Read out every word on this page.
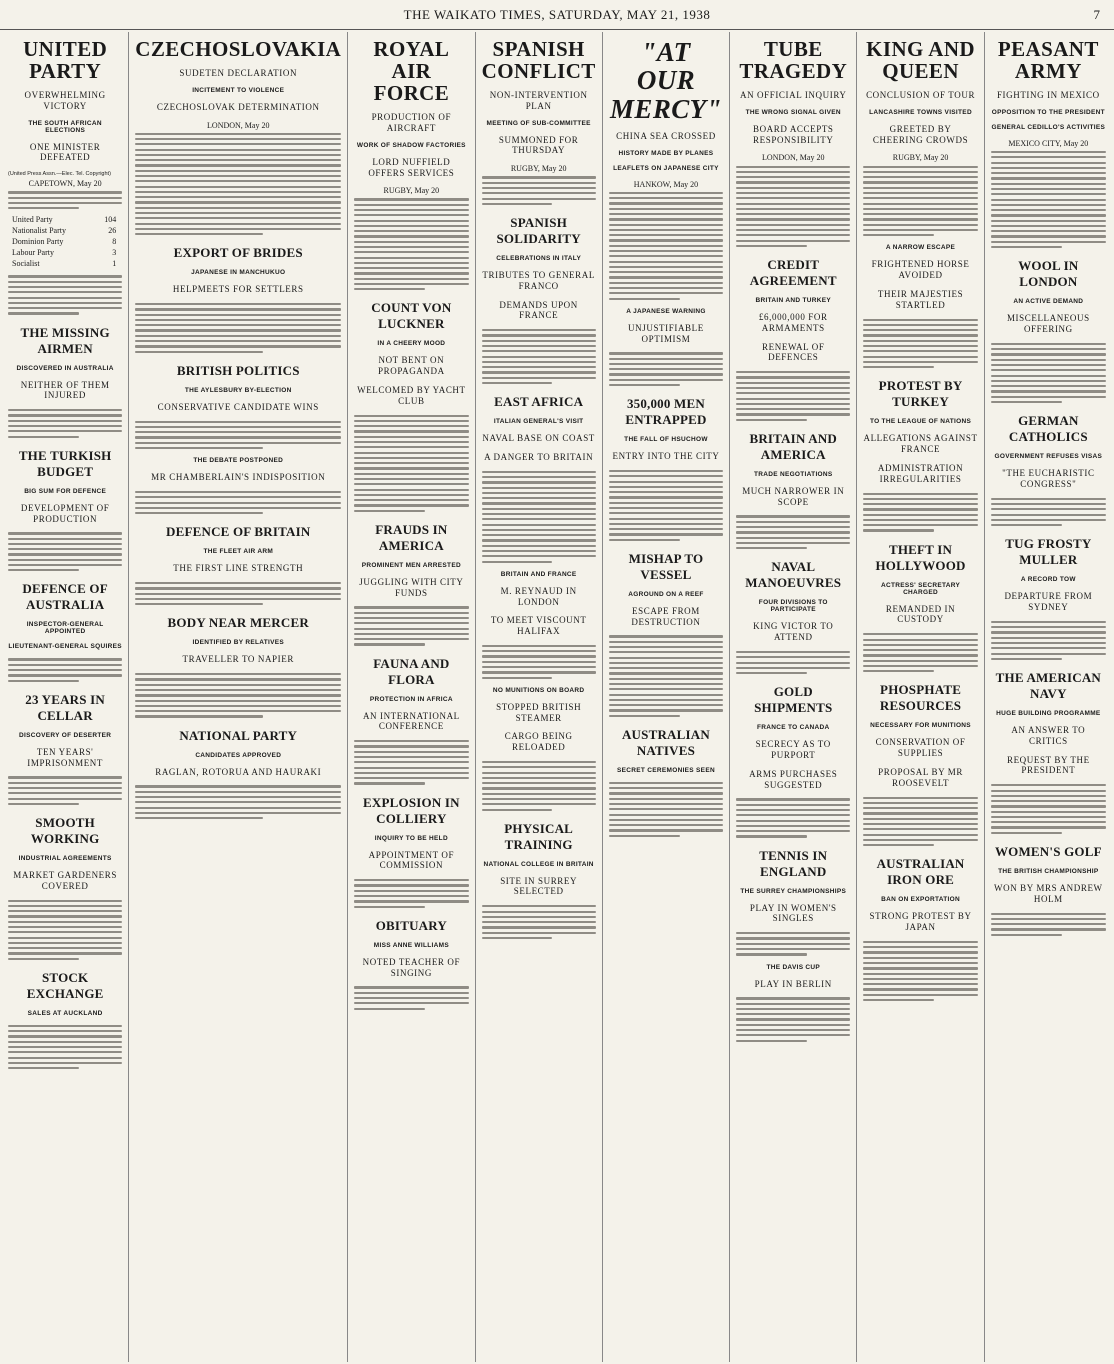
THE WAIKATO TIMES, SATURDAY, MAY 21, 1938	7
UNITED PARTY
OVERWHELMING VICTORY
THE SOUTH AFRICAN ELECTIONS
ONE MINISTER DEFEATED
(United Press Assn.—Elec. Tel. Copyright)
CAPETOWN, May 20
United Party	104
Nationalist Party	26
Dominion Party	8
Labour Party	3
Socialist	1
THE MISSING AIRMEN
DISCOVERED IN AUSTRALIA
NEITHER OF THEM INJURED
THE TURKISH BUDGET
BIG SUM FOR DEFENCE
DEVELOPMENT OF PRODUCTION
DEFENCE OF AUSTRALIA
INSPECTOR-GENERAL APPOINTED
LIEUTENANT-GENERAL SQUIRES
23 YEARS IN CELLAR
DISCOVERY OF DESERTER
TEN YEARS' IMPRISONMENT
SMOOTH WORKING
INDUSTRIAL AGREEMENTS
MARKET GARDENERS COVERED
STOCK EXCHANGE
SALES AT AUCKLAND
CZECHOSLOVAKIA
SUDETEN DECLARATION
INCITEMENT TO VIOLENCE
CZECHOSLOVAK DETERMINATION
LONDON, May 20
EXPORT OF BRIDES
JAPANESE IN MANCHUKUO
HELPMEETS FOR SETTLERS
BRITISH POLITICS
THE AYLESBURY BY-ELECTION
CONSERVATIVE CANDIDATE WINS
THE DEBATE POSTPONED
MR CHAMBERLAIN'S INDISPOSITION
DEFENCE OF BRITAIN
THE FLEET AIR ARM
THE FIRST LINE STRENGTH
BODY NEAR MERCER
IDENTIFIED BY RELATIVES
TRAVELLER TO NAPIER
NATIONAL PARTY
CANDIDATES APPROVED
RAGLAN, ROTORUA AND HAURAKI
ROYAL AIR FORCE
PRODUCTION OF AIRCRAFT
WORK OF SHADOW FACTORIES
LORD NUFFIELD OFFERS SERVICES
RUGBY, May 20
COUNT VON LUCKNER
IN A CHEERY MOOD
NOT BENT ON PROPAGANDA
WELCOMED BY YACHT CLUB
FRAUDS IN AMERICA
PROMINENT MEN ARRESTED
JUGGLING WITH CITY FUNDS
FAUNA AND FLORA
PROTECTION IN AFRICA
AN INTERNATIONAL CONFERENCE
EXPLOSION IN COLLIERY
INQUIRY TO BE HELD
APPOINTMENT OF COMMISSION
OBITUARY
MISS ANNE WILLIAMS
NOTED TEACHER OF SINGING
SPANISH CONFLICT
NON-INTERVENTION PLAN
MEETING OF SUB-COMMITTEE
SUMMONED FOR THURSDAY
RUGBY, May 20
SPANISH SOLIDARITY
CELEBRATIONS IN ITALY
TRIBUTES TO GENERAL FRANCO
DEMANDS UPON FRANCE
EAST AFRICA
ITALIAN GENERAL'S VISIT
NAVAL BASE ON COAST
A DANGER TO BRITAIN
BRITAIN AND FRANCE
M. REYNAUD IN LONDON
TO MEET VISCOUNT HALIFAX
NO MUNITIONS ON BOARD
STOPPED BRITISH STEAMER
CARGO BEING RELOADED
PHYSICAL TRAINING
NATIONAL COLLEGE IN BRITAIN
SITE IN SURREY SELECTED
"AT OUR MERCY"
CHINA SEA CROSSED
HISTORY MADE BY PLANES
LEAFLETS ON JAPANESE CITY
HANKOW, May 20
A JAPANESE WARNING
UNJUSTIFIABLE OPTIMISM
350,000 MEN ENTRAPPED
THE FALL OF HSUCHOW
ENTRY INTO THE CITY
MISHAP TO VESSEL
AGROUND ON A REEF
ESCAPE FROM DESTRUCTION
AUSTRALIAN NATIVES
SECRET CEREMONIES SEEN
TUBE TRAGEDY
AN OFFICIAL INQUIRY
THE WRONG SIGNAL GIVEN
BOARD ACCEPTS RESPONSIBILITY
LONDON, May 20
CREDIT AGREEMENT
BRITAIN AND TURKEY
£6,000,000 FOR ARMAMENTS
RENEWAL OF DEFENCES
BRITAIN AND AMERICA
TRADE NEGOTIATIONS
MUCH NARROWER IN SCOPE
NAVAL MANOEUVRES
FOUR DIVISIONS TO PARTICIPATE
KING VICTOR TO ATTEND
GOLD SHIPMENTS
FRANCE TO CANADA
SECRECY AS TO PURPORT
ARMS PURCHASES SUGGESTED
TENNIS IN ENGLAND
THE SURREY CHAMPIONSHIPS
PLAY IN WOMEN'S SINGLES
THE DAVIS CUP
PLAY IN BERLIN
KING AND QUEEN
CONCLUSION OF TOUR
LANCASHIRE TOWNS VISITED
GREETED BY CHEERING CROWDS
RUGBY, May 20
A NARROW ESCAPE
FRIGHTENED HORSE AVOIDED
THEIR MAJESTIES STARTLED
PROTEST BY TURKEY
TO THE LEAGUE OF NATIONS
ALLEGATIONS AGAINST FRANCE
ADMINISTRATION IRREGULARITIES
THEFT IN HOLLYWOOD
ACTRESS' SECRETARY CHARGED
REMANDED IN CUSTODY
PHOSPHATE RESOURCES
NECESSARY FOR MUNITIONS
CONSERVATION OF SUPPLIES
PROPOSAL BY MR ROOSEVELT
AUSTRALIAN IRON ORE
BAN ON EXPORTATION
STRONG PROTEST BY JAPAN
PEASANT ARMY
FIGHTING IN MEXICO
OPPOSITION TO THE PRESIDENT
GENERAL CEDILLO'S ACTIVITIES
MEXICO CITY, May 20
WOOL IN LONDON
AN ACTIVE DEMAND
MISCELLANEOUS OFFERING
GERMAN CATHOLICS
GOVERNMENT REFUSES VISAS
"THE EUCHARISTIC CONGRESS"
TUG FROSTY MULLER
A RECORD TOW
DEPARTURE FROM SYDNEY
THE AMERICAN NAVY
HUGE BUILDING PROGRAMME
AN ANSWER TO CRITICS
REQUEST BY THE PRESIDENT
WOMEN'S GOLF
THE BRITISH CHAMPIONSHIP
WON BY MRS ANDREW HOLM
